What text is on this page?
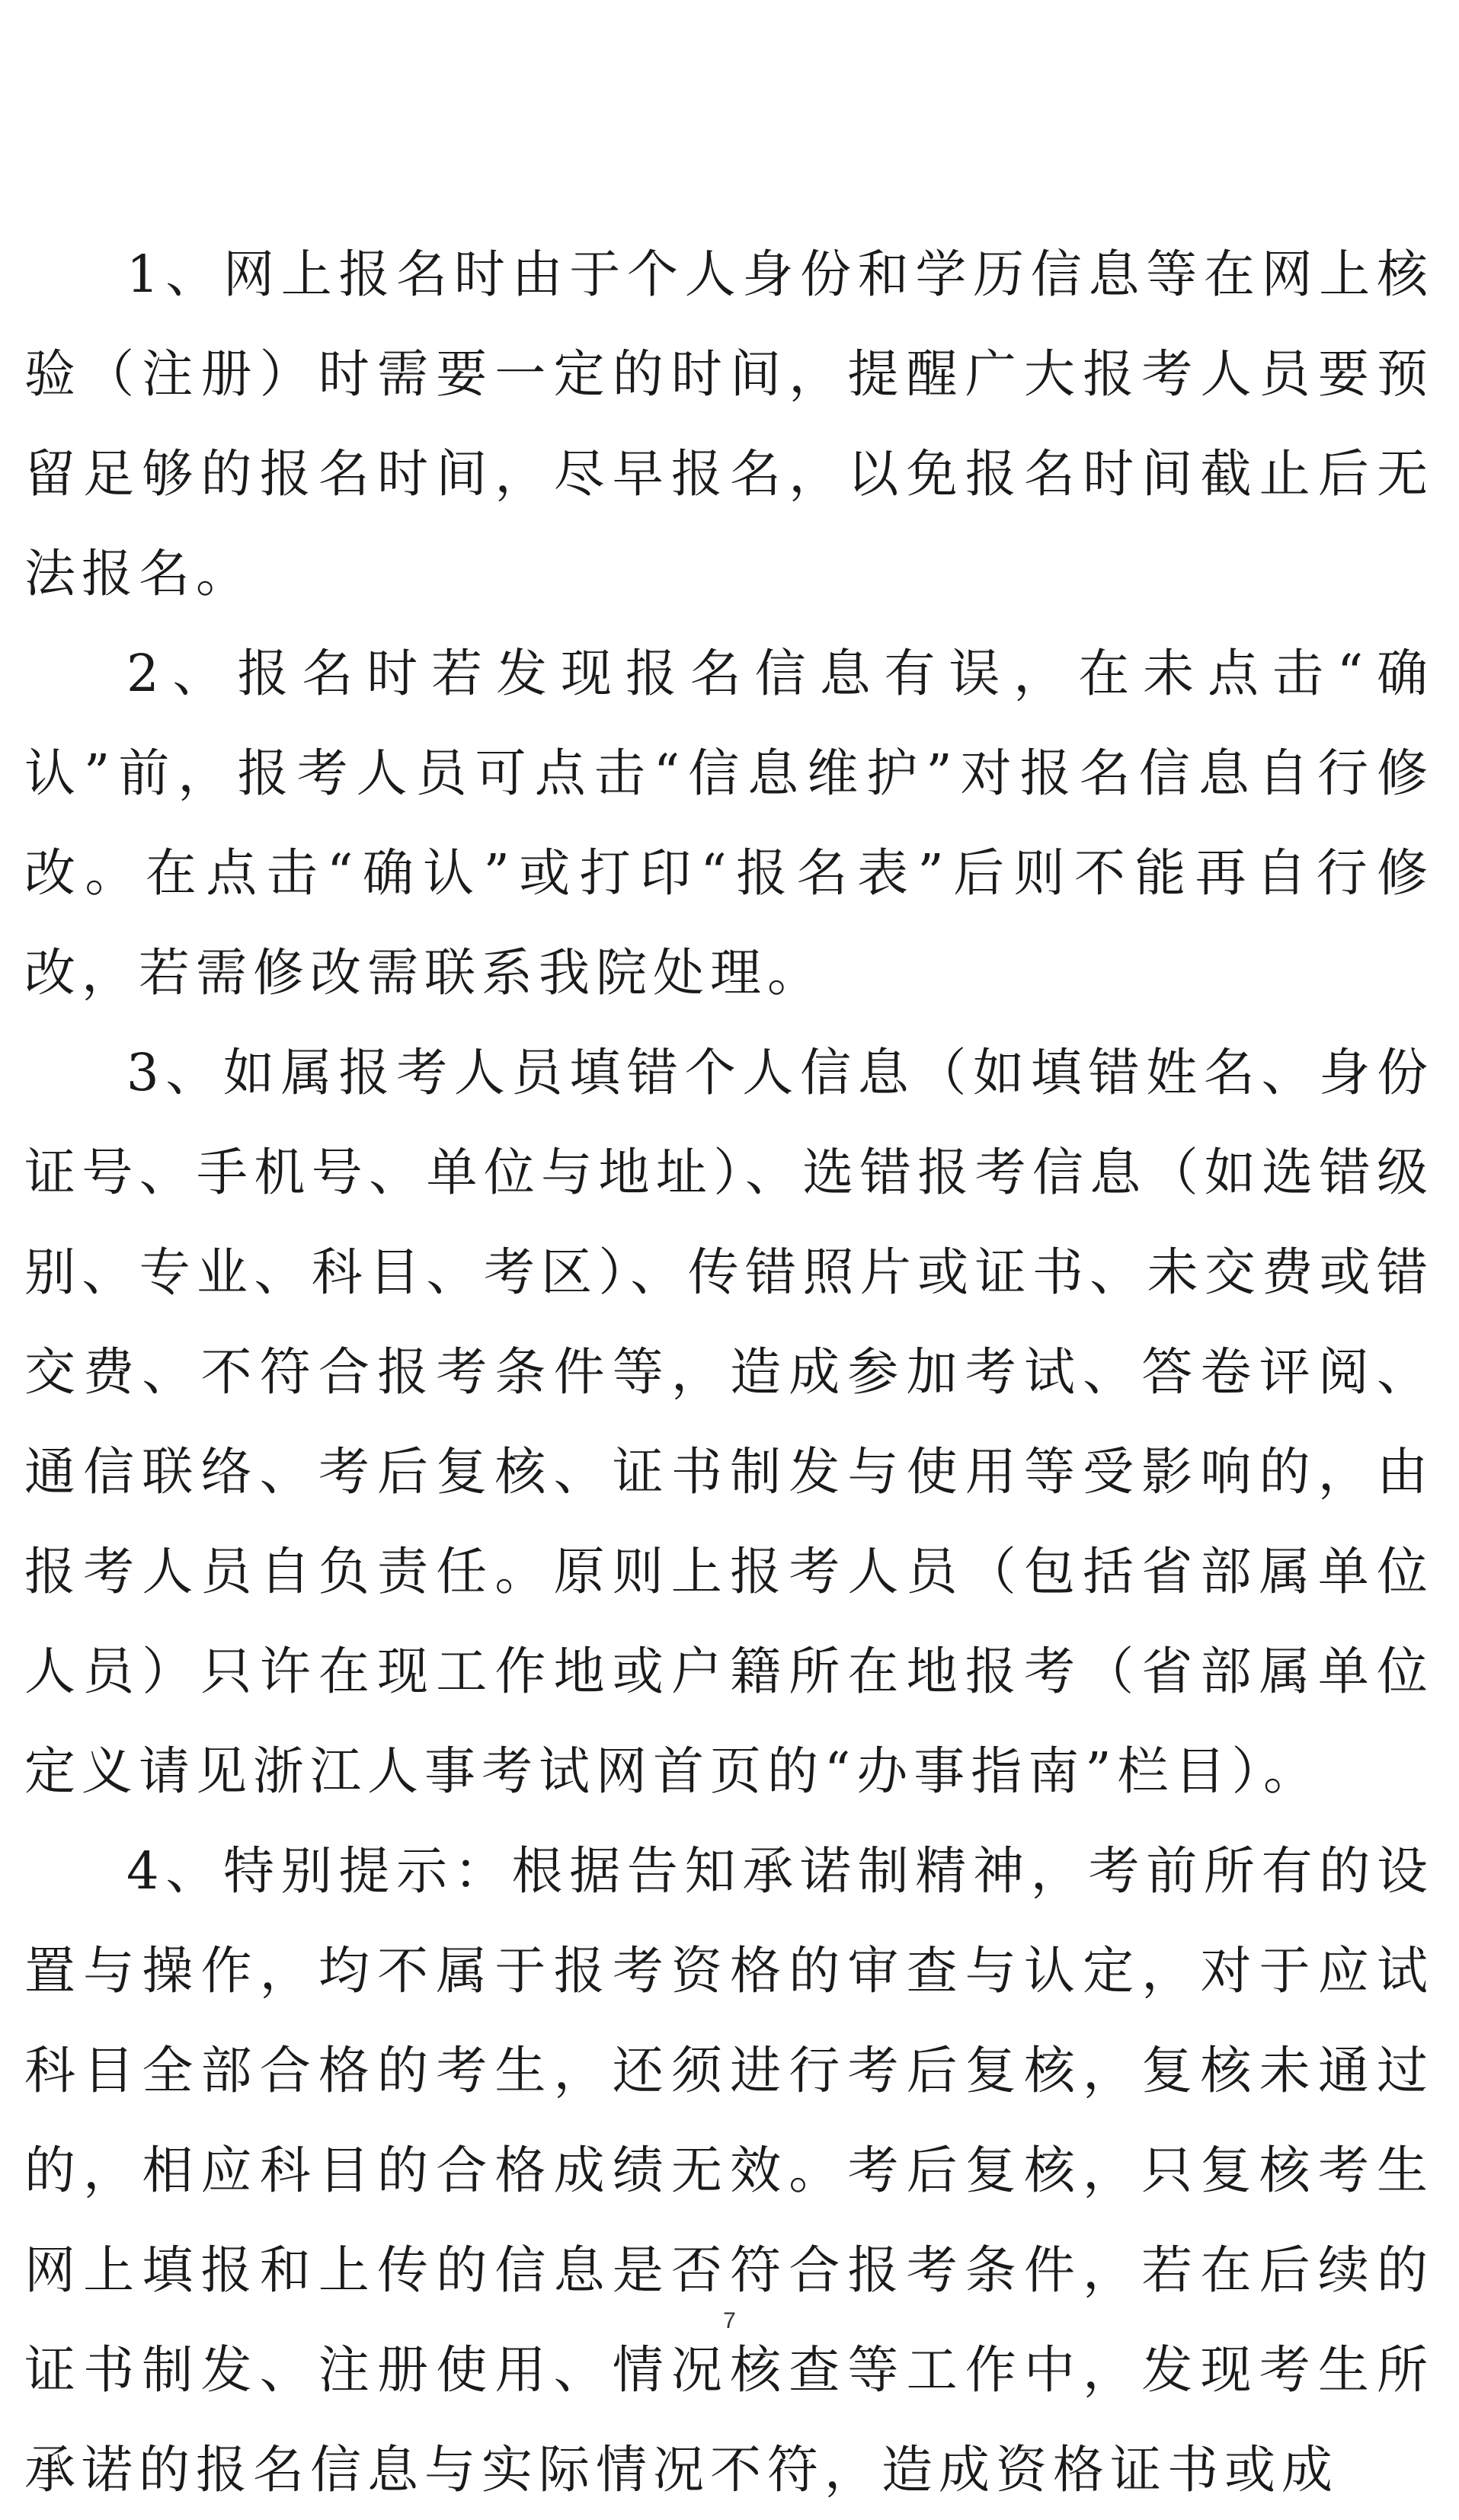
1、网上报名时由于个人身份和学历信息等在网上核验（注册）时需要一定的时间，提醒广大报考人员要预留足够的报名时间，尽早报名，以免报名时间截止后无法报名。

2、报名时若发现报名信息有误，在未点击“确认”前，报考人员可点击“信息维护”对报名信息自行修改。在点击“确认”或打印“报名表”后则不能再自行修改，若需修改需联系我院处理。

3、如属报考人员填错个人信息（如填错姓名、身份证号、手机号、单位与地址）、选错报考信息（如选错级别、专业、科目、考区）、传错照片或证书、未交费或错交费、不符合报考条件等，造成参加考试、答卷评阅、通信联络、考后复核、证书制发与使用等受影响的，由报考人员自负责任。原则上报考人员（包括省部属单位人员）只许在现工作地或户籍所在地报考（省部属单位定义请见浙江人事考试网首页的“办事指南”栏目）。

4、特别提示：根据告知承诺制精神，考前所有的设置与操作，均不属于报考资格的审查与认定，对于应试科目全部合格的考生，还须进行考后复核，复核未通过的，相应科目的合格成绩无效。考后复核，只复核考生网上填报和上传的信息是否符合报考条件，若在后续的证书制发、注册使用、情况核查等工作中，发现考生所承诺的报名信息与实际情况不符，造成资格证书或成

7
